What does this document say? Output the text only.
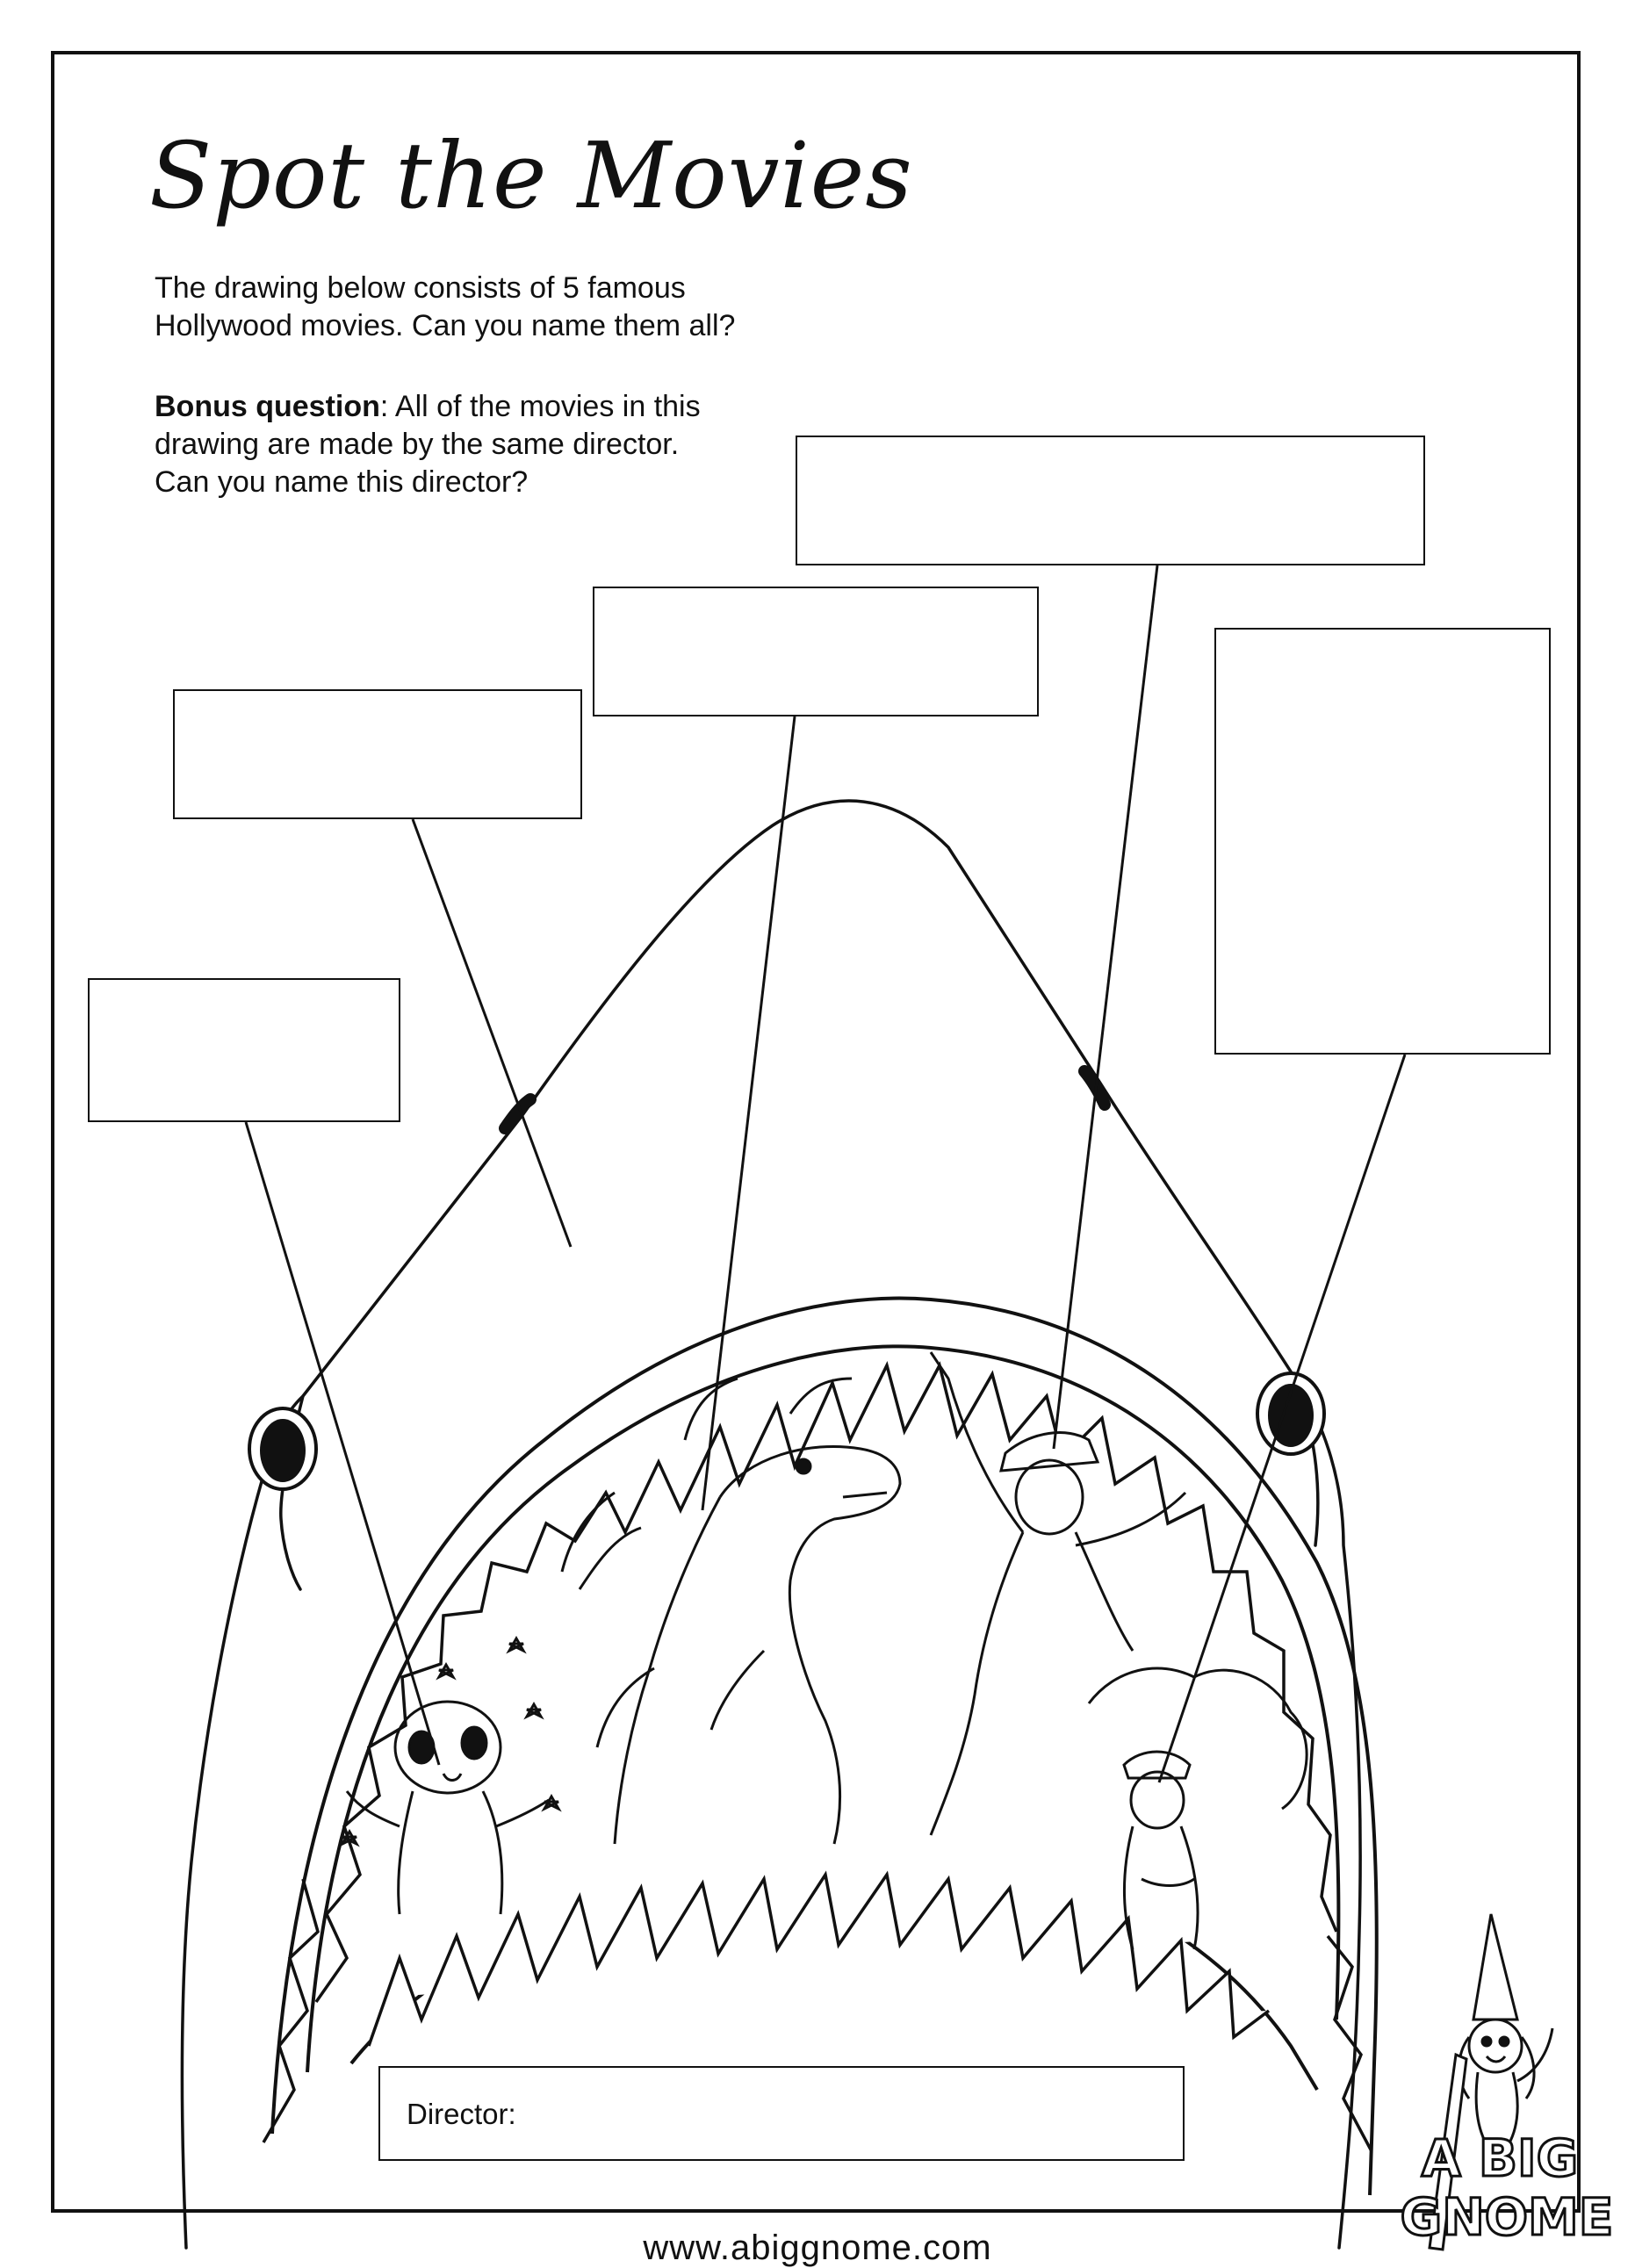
Spot the Movies

The drawing below consists of 5 famous
Hollywood movies. Can you name them all?

Bonus question: All of the movies in this
drawing are made by the same director.
Can you name this director?

Director:
www.abiggnome.com
A BIG
GNOME
